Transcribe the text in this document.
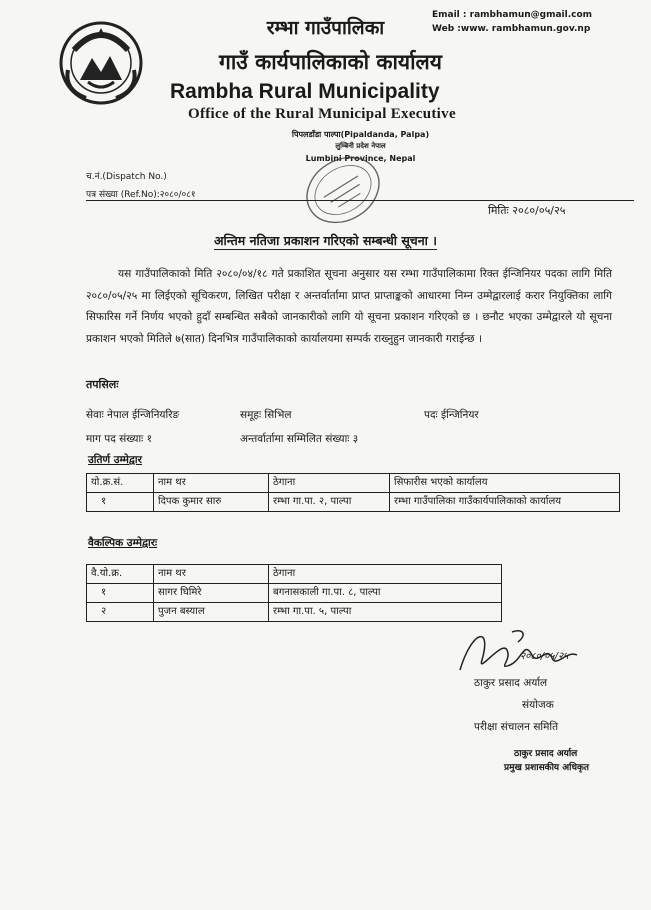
Email : rambhamun@gmail.com
Web :www. rambhamun.gov.np
रम्भा गाउँपालिका
गाउँ कार्यपालिकाको कार्यालय
Rambha Rural Municipality
Office of the Rural Municipal Executive
पिपलडाँडा पाल्पा(Pipaldanda, Palpa)
लुम्बिनी प्रदेश नेपाल
Lumbini Province, Nepal
च.नं.(Dispatch No.)
पत्र संख्या (Ref.No):२०८०/०८१
मितिः २०८०/०५/२५
अन्तिम नतिजा प्रकाशन गरिएको सम्बन्धी सूचना ।
यस गाउँपालिकाको मिति २०८०/०४/१८ गते प्रकाशित सूचना अनुसार यस रम्भा गाउँपालिकामा रिक्त ईन्जिनियर पदका लागि मिति २०८०/०५/२५ मा लिईएको सूचिकरण, लिखित परीक्षा र अन्तर्वार्तामा प्राप्त प्राप्ताङ्कको आधारमा निम्न उम्मेद्वारलाई करार नियुक्तिका लागि सिफारिस गर्ने निर्णय भएको हुदाँ सम्बन्धित सबैको जानकारीको लागि यो सूचना प्रकाशन गरिएको छ । छनौट भएका उम्मेद्वारले यो सूचना प्रकाशन भएको मितिले ७(सात) दिनभित्र गाउँपालिकाको कार्यालयमा सम्पर्क राख्नुहुन जानकारी गराईन्छ ।
तपसिलः
सेवाः नेपाल ईन्जिनियरिङ	समूहः सिभिल	पदः ईन्जिनियर
माग पद संख्याः १	अन्तर्वार्तामा सम्मिलित संख्याः ३
उतिर्ण उम्मेद्वार
यो.क्र.सं.	नाम थर	ठेगाना	सिफारीस भएको कार्यालय
१	दिपक कुमार सारु	रम्भा गा.पा. २, पाल्पा	रम्भा गाउँपालिका गाउँकार्यपालिकाको कार्यालय
वैकल्पिक उम्मेद्वारः
वै.यो.क्र.	नाम थर	ठेगाना
१	सागर घिमिरे	बगनासकाली गा.पा. ८, पाल्पा
२	पुजन बस्याल	रम्भा गा.पा. ५, पाल्पा
२०८०/०५/२५
ठाकुर प्रसाद अर्याल
संयोजक
परीक्षा संचालन समिति
ठाकुर प्रसाद अर्याल
प्रमुख प्रशासकीय अधिकृत
